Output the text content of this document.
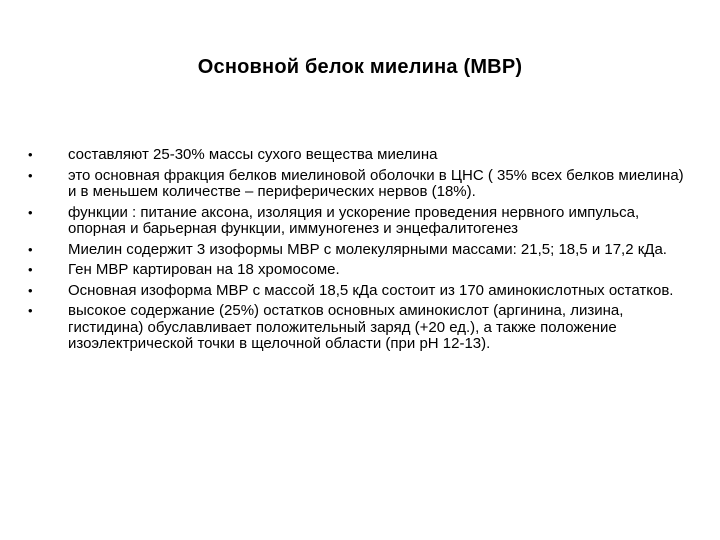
Основной белок миелина (MBP)
•	составляют 25-30% массы сухого вещества миелина
•	это основная фракция белков миелиновой оболочки в ЦНС ( 35% всех белков миелина) и в меньшем количестве – периферических нервов (18%).
•	функции : питание аксона, изоляция и ускорение проведения нервного импульса, опорная и барьерная функции, иммуногенез и энцефалитогенез
•	Миелин содержит 3 изоформы МВР с молекулярными массами: 21,5; 18,5 и 17,2 кДа.
•	Ген МВР картирован на 18 хромосоме.
•	Основная изоформа МВР с массой 18,5 кДа состоит из 170 аминокислотных остатков.
•	высокое содержание (25%) остатков основных аминокислот (аргинина, лизина, гистидина) обуславливает положительный заряд (+20 ед.), а также положение изоэлектрической точки в щелочной области (при pH 12-13).
